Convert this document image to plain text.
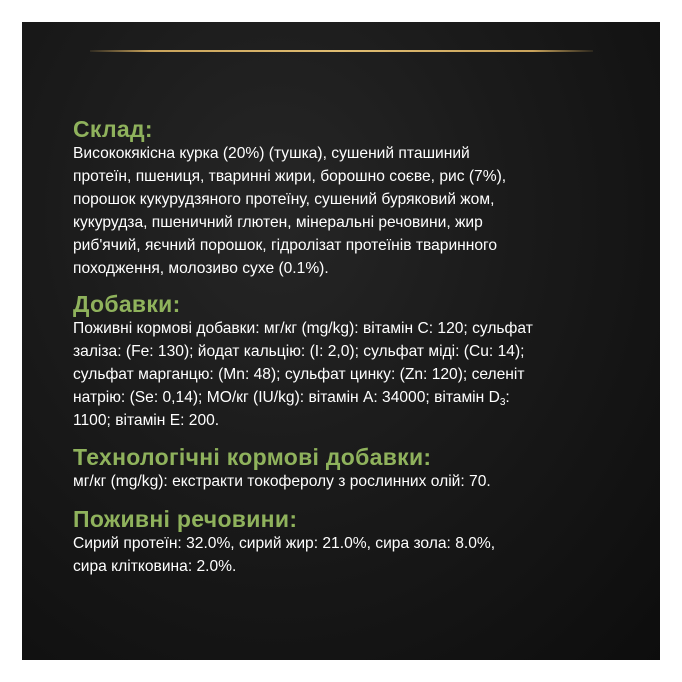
Склад:

Висококякісна курка (20%) (тушка), сушений пташиний
протеїн, пшениця, тваринні жири, борошно соєве, рис (7%),
порошок кукурудзяного протеїну, сушений буряковий жом,
кукурудза, пшеничний глютен, мінеральні речовини, жир
риб'ячий, яєчний порошок, гідролізат протеїнів тваринного
походження, молозиво сухе (0.1%).

Добавки:

Поживні кормові добавки: мг/кг (mg/kg): вітамін С: 120; сульфат
заліза: (Fe: 130); йодат кальцію: (I: 2,0); сульфат міді: (Cu: 14);
сульфат марганцю: (Mn: 48); сульфат цинку: (Zn: 120); селеніт
натрію: (Se: 0,14); МО/кг (IU/kg): вітамін А: 34000; вітамін $D_3$:
1100; вітамін Е: 200.

Технологічні кормові добавки:

мг/кг (mg/kg): екстракти токоферолу з рослинних олій: 70.

Поживні речовини:

Сирий протеїн: 32.0%, сирий жир: 21.0%, сира зола: 8.0%,
сира клітковина: 2.0%.
